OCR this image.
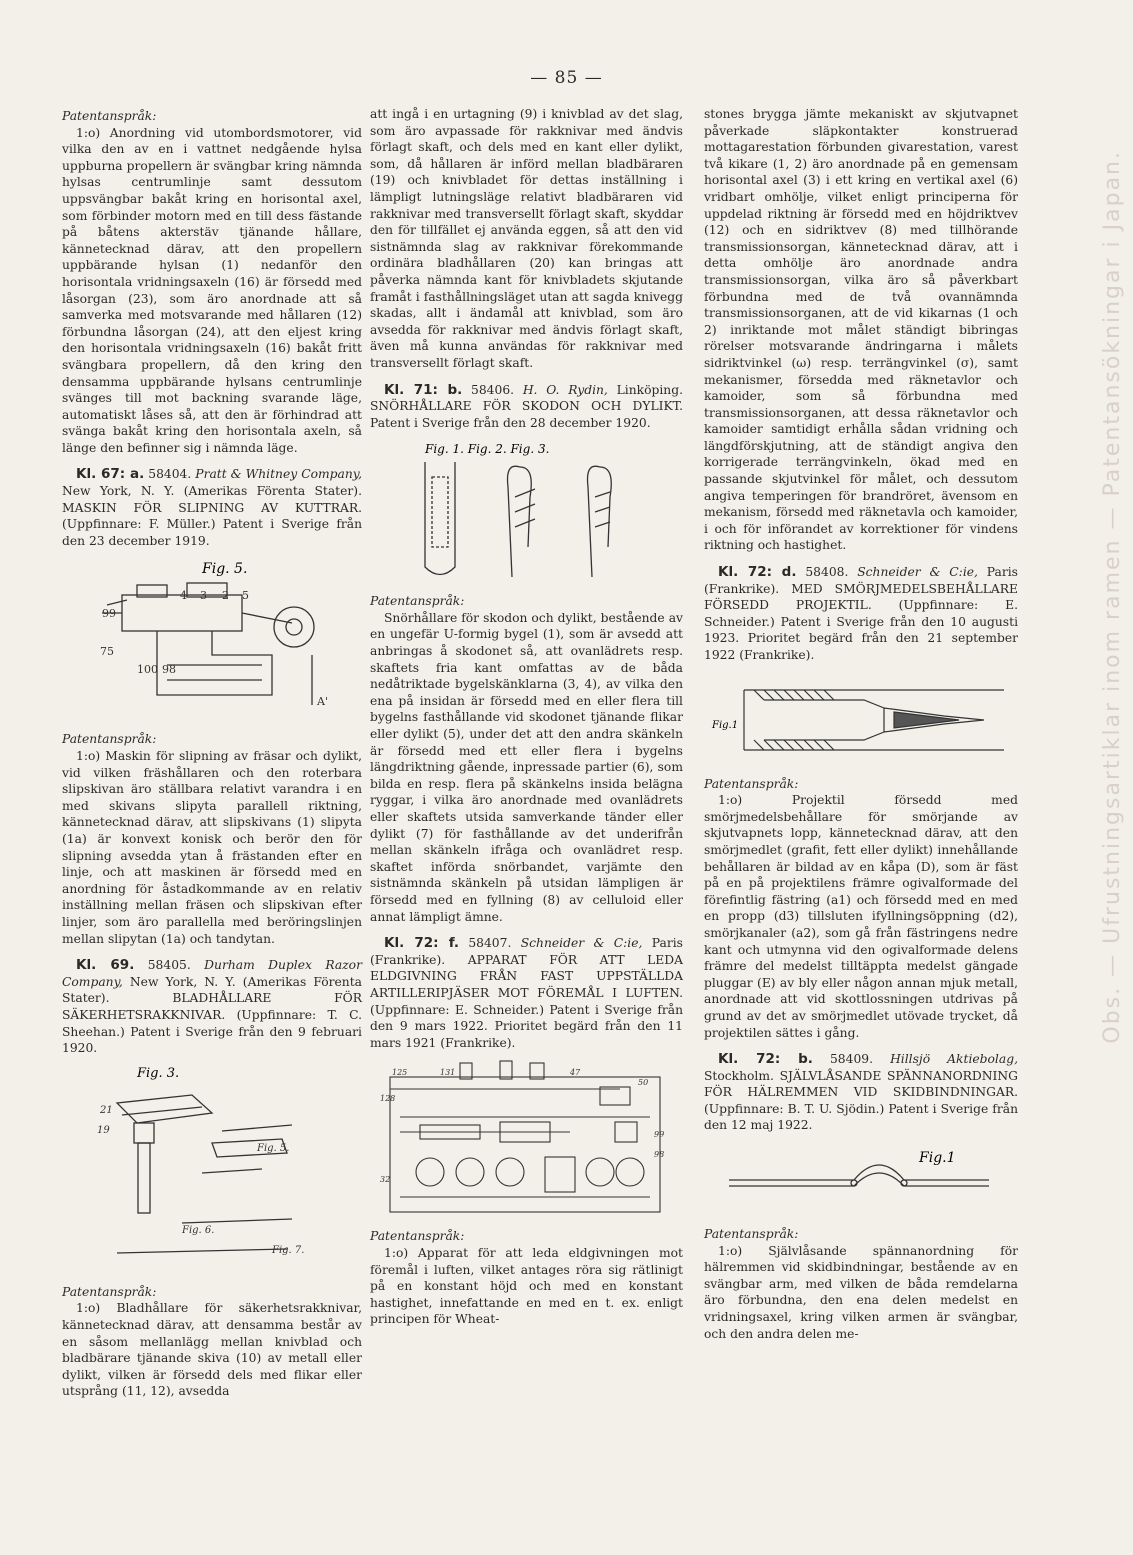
— 85 —
Obs. — Ufrustningsartiklar inom ramen — Patentansökningar i Japan.

Patentanspråk:

1:o) Anordning vid utombordsmotorer, vid vilka den av en i vattnet nedgående hylsa uppburna propellern är svängbar kring nämnda hylsas centrumlinje samt dessutom uppsvängbar bakåt kring en horisontal axel, som förbinder motorn med en till dess fästande på båtens akterstäv tjänande hållare, kännetecknad därav, att den propellern uppbärande hylsan (1) nedanför den horisontala vridningsaxeln (16) är försedd med låsorgan (23), som äro anordnade att så samverka med motsvarande med hållaren (12) förbundna låsorgan (24), att den eljest kring den horisontala vridningsaxeln (16) bakåt fritt svängbara propellern, då den kring den densamma uppbärande hylsans centrumlinje svänges till mot backning svarande läge, automatiskt låses så, att den är förhindrad att svänga bakåt kring den horisontala axeln, så länge den befinner sig i nämnda läge.

Kl. 67: a. 58404. Pratt & Whitney Company, New York, N. Y. (Amerikas Förenta Stater). MASKIN FÖR SLIPNING AV KUTTRAR. (Uppfinnare: F. Müller.) Patent i Sverige från den 23 december 1919.

Fig. 5.
4 3 2 5
99
75
100 98
A'

Patentanspråk:

1:o) Maskin för slipning av fräsar och dylikt, vid vilken fräshållaren och den roterbara slipskivan äro ställbara relativt varandra i en med skivans slipyta parallell riktning, kännetecknad därav, att slipskivans (1) slipyta (1a) är konvext konisk och berör den för slipning avsedda ytan å frästanden efter en linje, och att maskinen är försedd med en anordning för åstadkommande av en relativ inställning mellan fräsen och slipskivan efter linjer, som äro parallella med beröringslinjen mellan slipytan (1a) och tandytan.

Kl. 69. 58405. Durham Duplex Razor Company, New York, N. Y. (Amerikas Förenta Stater). BLADHÅLLARE FÖR SÄKERHETSRAKKNIVAR. (Uppfinnare: T. C. Sheehan.) Patent i Sverige från den 9 februari 1920.

Fig. 3.
21
19
Fig. 5.
Fig. 6.
Fig. 7.

Patentanspråk:

1:o) Bladhållare för säkerhetsrakknivar, kännetecknad därav, att densamma består av en såsom mellanlägg mellan knivblad och bladbärare tjänande skiva (10) av metall eller dylikt, vilken är försedd dels med flikar eller utsprång (11, 12), avsedda

att ingå i en urtagning (9) i knivblad av det slag, som äro avpassade för rakknivar med ändvis förlagt skaft, och dels med en kant eller dylikt, som, då hållaren är införd mellan bladbäraren (19) och knivbladet för dettas inställning i lämpligt lutningsläge relativt bladbäraren vid rakknivar med transversellt förlagt skaft, skyddar den för tillfället ej använda eggen, så att den vid sistnämnda slag av rakknivar förekommande ordinära bladhållaren (20) kan bringas att påverka nämnda kant för knivbladets skjutande framåt i fasthållningsläget utan att sagda knivegg skadas, allt i ändamål att knivblad, som äro avsedda för rakknivar med ändvis förlagt skaft, även må kunna användas för rakknivar med transversellt förlagt skaft.

Kl. 71: b. 58406. H. O. Rydin, Linköping. SNÖRHÅLLARE FÖR SKODON OCH DYLIKT. Patent i Sverige från den 28 december 1920.

Fig. 1. Fig. 2. Fig. 3.

Patentanspråk:

Snörhållare för skodon och dylikt, bestående av en ungefär U-formig bygel (1), som är avsedd att anbringas å skodonet så, att ovanlädrets resp. skaftets fria kant omfattas av de båda nedåtriktade bygelskänklarna (3, 4), av vilka den ena på insidan är försedd med en eller flera till bygelns fasthållande vid skodonet tjänande flikar eller dylikt (5), under det att den andra skänkeln är försedd med ett eller flera i bygelns längdriktning gående, inpressade partier (6), som bilda en resp. flera på skänkelns insida belägna ryggar, i vilka äro anordnade med ovanlädrets eller skaftets utsida samverkande tänder eller dylikt (7) för fasthållande av det underifrån mellan skänkeln ifråga och ovanlädret resp. skaftet införda snörbandet, varjämte den sistnämnda skänkeln på utsidan lämpligen är försedd med en fyllning (8) av celluloid eller annat lämpligt ämne.

Kl. 72: f. 58407. Schneider & C:ie, Paris (Frankrike). APPARAT FÖR ATT LEDA ELDGIVNING FRÅN FAST UPPSTÄLLDA ARTILLERIPJÄSER MOT FÖREMÅL I LUFTEN. (Uppfinnare: E. Schneider.) Patent i Sverige från den 9 mars 1922. Prioritet begärd från den 11 mars 1921 (Frankrike).

125	131	47
50
128
32
99
98

Patentanspråk:

1:o) Apparat för att leda eldgivningen mot föremål i luften, vilket antages röra sig rätlinigt på en konstant höjd och med en konstant hastighet, innefattande en med en t. ex. enligt principen för Wheat-

stones brygga jämte mekaniskt av skjutvapnet påverkade släpkontakter konstruerad mottagarestation förbunden givarestation, varest två kikare (1, 2) äro anordnade på en gemensam horisontal axel (3) i ett kring en vertikal axel (6) vridbart omhölje, vilket enligt principerna för uppdelad riktning är försedd med en höjdriktvev (12) och en sidriktvev (8) med tillhörande transmissionsorgan, kännetecknad därav, att i detta omhölje äro anordnade andra transmissionsorgan, vilka äro så påverkbart förbundna med de två ovannämnda transmissionsorganen, att de vid kikarnas (1 och 2) inriktande mot målet ständigt bibringas rörelser motsvarande ändringarna i målets sidriktvinkel (ω) resp. terrängvinkel (σ), samt mekanismer, försedda med räknetavlor och kamoider, som så förbundna med transmissionsorganen, att dessa räknetavlor och kamoider samtidigt erhålla sådan vridning och längdförskjutning, att de ständigt angiva den korrigerade terrängvinkeln, ökad med en passande skjutvinkel för målet, och dessutom angiva temperingen för brandröret, ävensom en mekanism, försedd med räknetavla och kamoider, i och för införandet av korrektioner för vindens riktning och hastighet.

Kl. 72: d. 58408. Schneider & C:ie, Paris (Frankrike). MED SMÖRJMEDELSBEHÅLLARE FÖRSEDD PROJEKTIL. (Uppfinnare: E. Schneider.) Patent i Sverige från den 10 augusti 1923. Prioritet begärd från den 21 september 1922 (Frankrike).

Fig.1

Patentanspråk:

1:o) Projektil försedd med smörjmedelsbehållare för smörjande av skjutvapnets lopp, kännetecknad därav, att den smörjmedlet (grafit, fett eller dylikt) innehållande behållaren är bildad av en kåpa (D), som är fäst på en på projektilens främre ogivalformade del förefintlig fästring (a1) och försedd med en med en propp (d3) tillsluten ifyllningsöppning (d2), smörjkanaler (a2), som gå från fästringens nedre kant och utmynna vid den ogivalformade delens främre del medelst tilltäppta medelst gängade pluggar (E) av bly eller någon annan mjuk metall, anordnade att vid skottlossningen utdrivas på grund av det av smörjmedlet utövade trycket, då projektilen sättes i gång.

Kl. 72: b. 58409. Hillsjö Aktiebolag, Stockholm. SJÄLVLÅSANDE SPÄNNANORDNING FÖR HÄLREMMEN VID SKIDBINDNINGAR. (Uppfinnare: B. T. U. Sjödin.) Patent i Sverige från den 12 maj 1922.

Fig.1

Patentanspråk:

1:o) Självlåsande spännanordning för hälremmen vid skidbindningar, bestående av en svängbar arm, med vilken de båda remdelarna äro förbundna, den ena delen medelst en vridningsaxel, kring vilken armen är svängbar, och den andra delen me-
